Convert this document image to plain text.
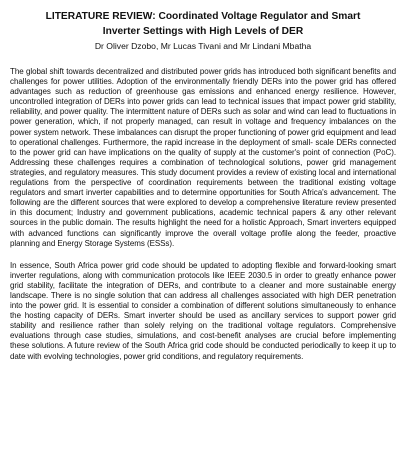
LITERATURE REVIEW: Coordinated Voltage Regulator and Smart
Inverter Settings with High Levels of DER

Dr Oliver Dzobo, Mr Lucas Tivani and Mr Lindani Mbatha

The global shift towards decentralized and distributed power grids has introduced both significant benefits and challenges for power utilities. Adoption of the environmentally friendly DERs into the power grid has offered advantages such as reduction of greenhouse gas emissions and enhanced energy resilience. However, uncontrolled integration of DERs into power grids can lead to technical issues that impact power grid stability, reliability, and power quality. The intermittent nature of DERs such as solar and wind can lead to fluctuations in power generation, which, if not properly managed, can result in voltage and frequency imbalances on the power system network. These imbalances can disrupt the proper functioning of power grid equipment and lead to operational challenges. Furthermore, the rapid increase in the deployment of small- scale DERs connected to the power grid can have implications on the quality of supply at the customer's point of connection (PoC). Addressing these challenges requires a combination of technological solutions, power grid management strategies, and regulatory measures. This study document provides a review of existing local and international regulations from the perspective of coordination requirements between the traditional existing voltage regulators and smart inverter capabilities and to determine opportunities for South Africa's advancement. The following are the different sources that were explored to develop a comprehensive literature review presented in this document; Industry and government publications, academic technical papers & any other relevant sources in the public domain. The results highlight the need for a holistic Approach, Smart inverters equipped with advanced functions can significantly improve the overall voltage profile along the feeder, proactive planning and Energy Storage Systems (ESSs).

In essence, South Africa power grid code should be updated to adopting flexible and forward-looking smart inverter regulations, along with communication protocols like IEEE 2030.5 in order to greatly enhance power grid stability, facilitate the integration of DERs, and contribute to a cleaner and more sustainable energy landscape. There is no single solution that can address all challenges associated with high DER penetration into the power grid. It is essential to consider a combination of different solutions simultaneously to enhance the hosting capacity of DERs. Smart inverter should be used as ancillary services to support power grid stability and resilience rather than solely relying on the traditional voltage regulators. Comprehensive evaluations through case studies, simulations, and cost-benefit analyses are crucial before implementing these solutions. A future review of the South Africa grid code should be conducted periodically to keep it up to date with evolving technologies, power grid conditions, and regulatory requirements.
